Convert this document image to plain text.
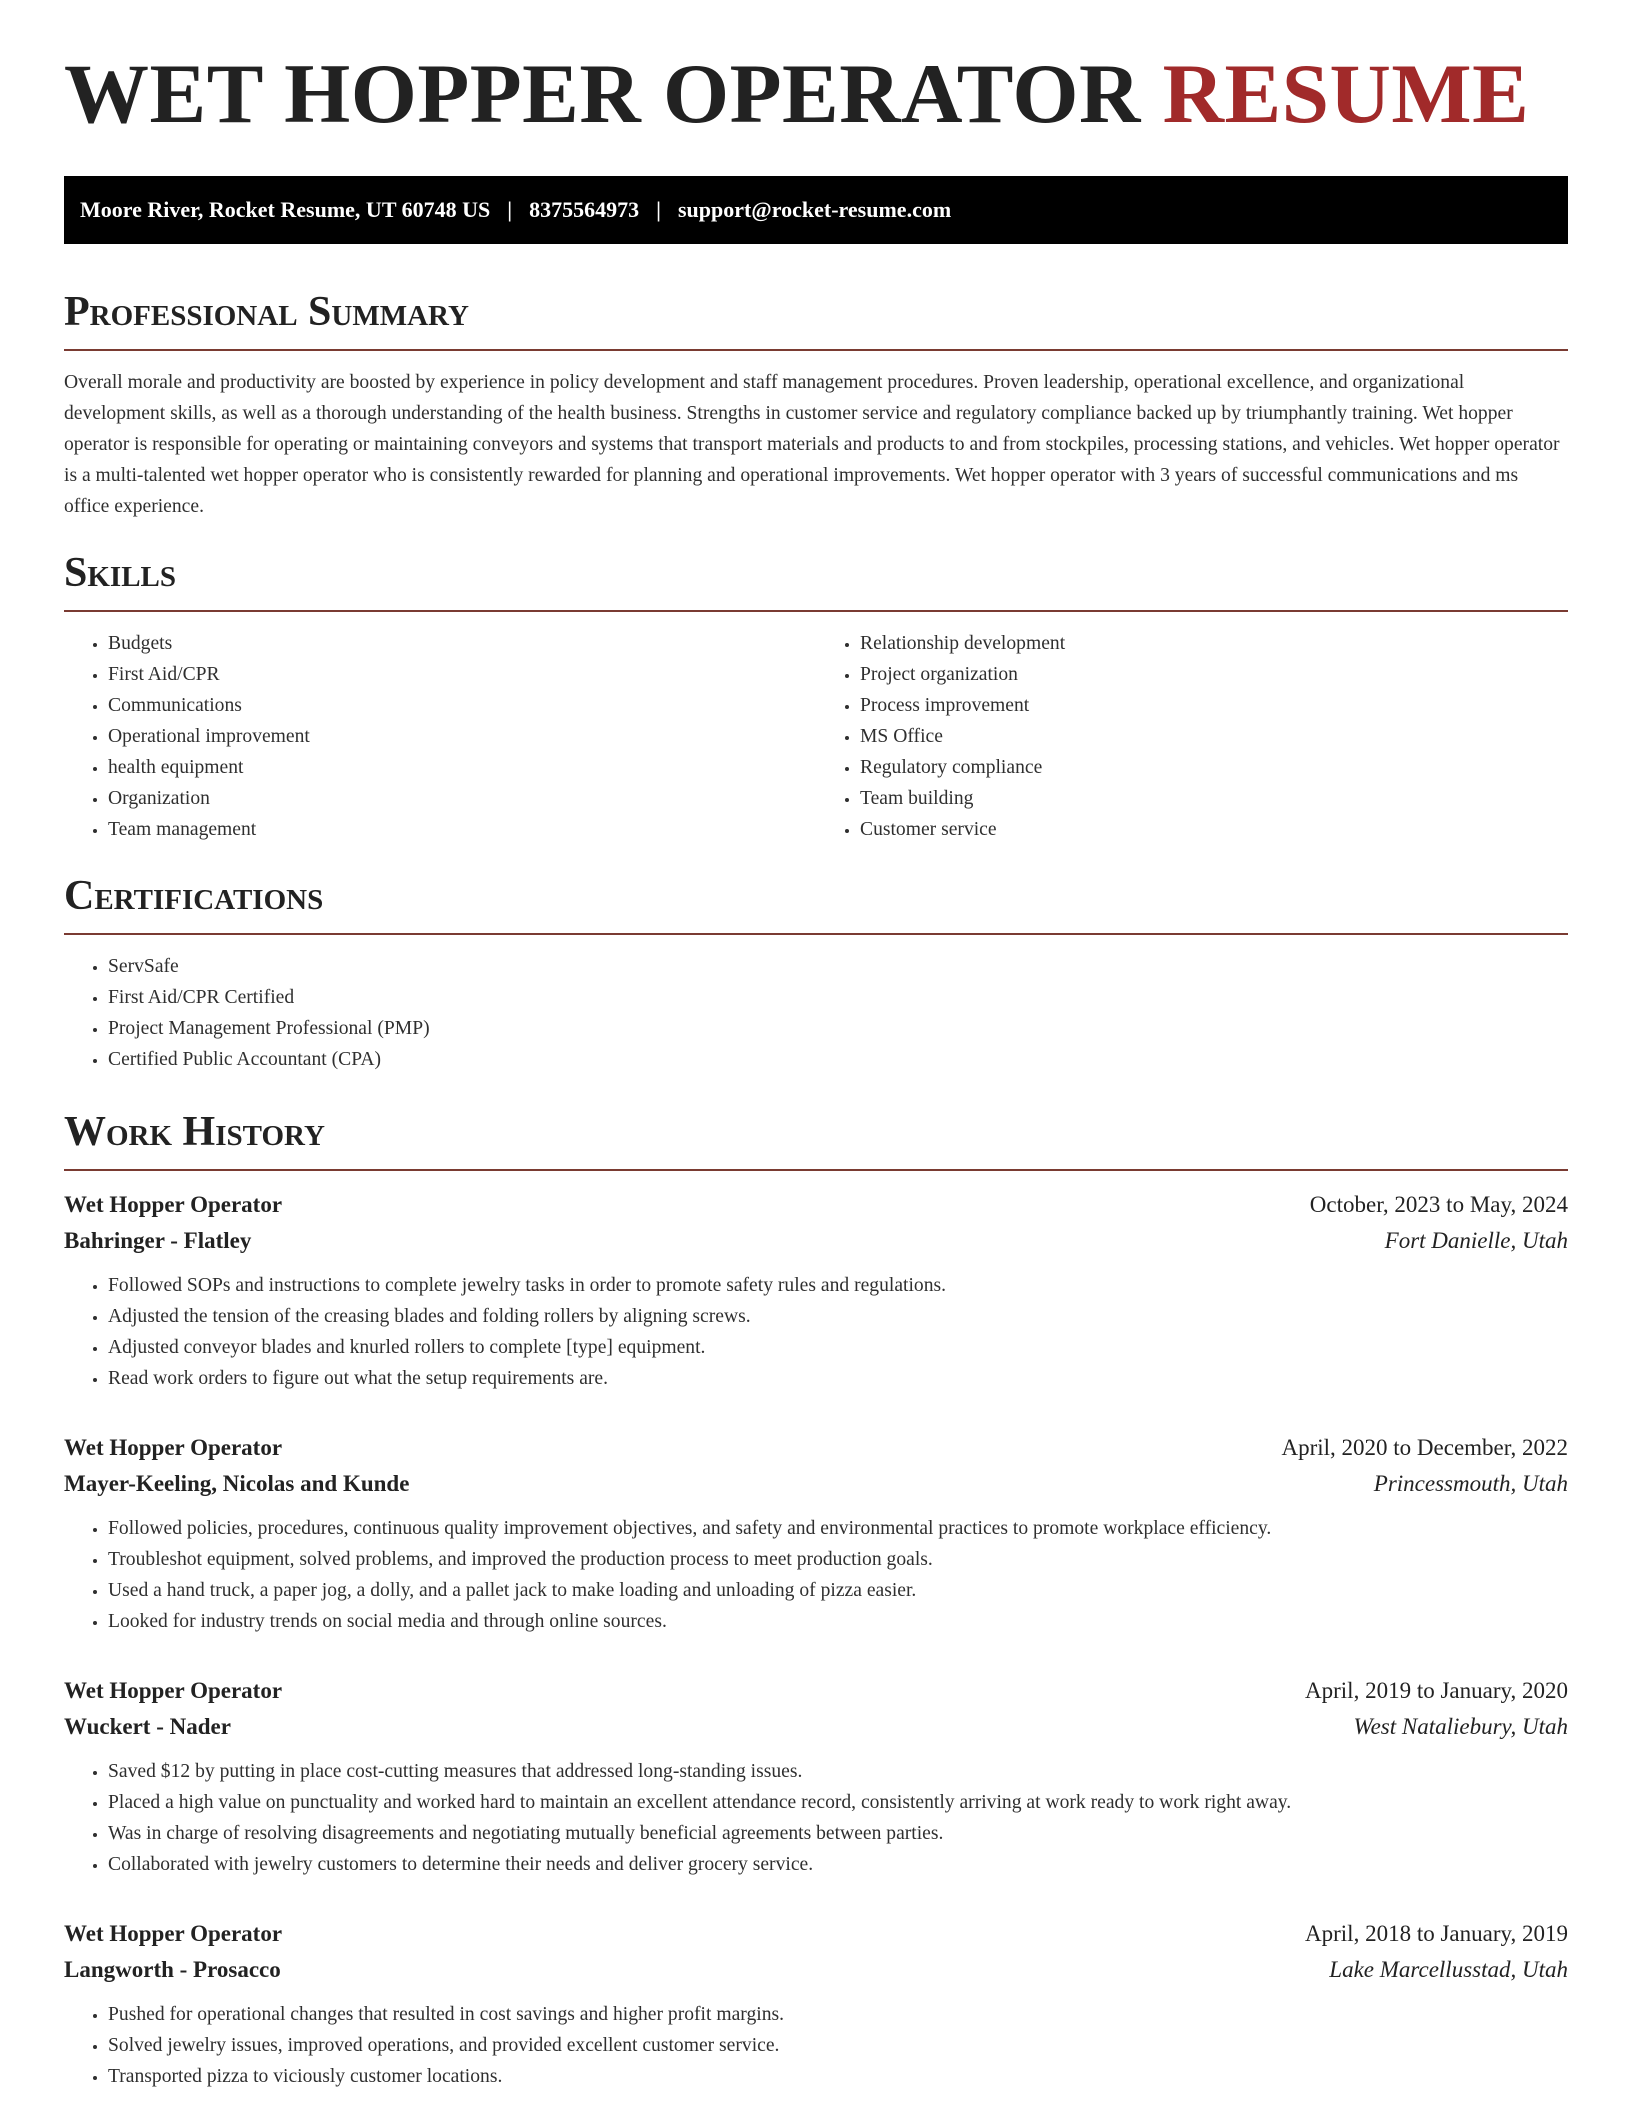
WET HOPPER OPERATOR RESUME
Moore River, Rocket Resume, UT 60748 US | 8375564973 | support@rocket-resume.com
Professional Summary

Overall morale and productivity are boosted by experience in policy development and staff management procedures. Proven leadership, operational excellence, and organizational development skills, as well as a thorough understanding of the health business. Strengths in customer service and regulatory compliance backed up by triumphantly training. Wet hopper operator is responsible for operating or maintaining conveyors and systems that transport materials and products to and from stockpiles, processing stations, and vehicles. Wet hopper operator is a multi-talented wet hopper operator who is consistently rewarded for planning and operational improvements. Wet hopper operator with 3 years of successful communications and ms office experience.

Skills
• Budgets
• First Aid/CPR
• Communications
• Operational improvement
• health equipment
• Organization
• Team management
• Relationship development
• Project organization
• Process improvement
• MS Office
• Regulatory compliance
• Team building
• Customer service
Certifications
• ServSafe
• First Aid/CPR Certified
• Project Management Professional (PMP)
• Certified Public Accountant (CPA)
Work History
Wet Hopper Operator	October, 2023 to May, 2024
Bahringer - Flatley	Fort Danielle, Utah
• Followed SOPs and instructions to complete jewelry tasks in order to promote safety rules and regulations.
• Adjusted the tension of the creasing blades and folding rollers by aligning screws.
• Adjusted conveyor blades and knurled rollers to complete [type] equipment.
• Read work orders to figure out what the setup requirements are.
Wet Hopper Operator	April, 2020 to December, 2022
Mayer-Keeling, Nicolas and Kunde	Princessmouth, Utah
• Followed policies, procedures, continuous quality improvement objectives, and safety and environmental practices to promote workplace efficiency.
• Troubleshot equipment, solved problems, and improved the production process to meet production goals.
• Used a hand truck, a paper jog, a dolly, and a pallet jack to make loading and unloading of pizza easier.
• Looked for industry trends on social media and through online sources.
Wet Hopper Operator	April, 2019 to January, 2020
Wuckert - Nader	West Nataliebury, Utah
• Saved $12 by putting in place cost-cutting measures that addressed long-standing issues.
• Placed a high value on punctuality and worked hard to maintain an excellent attendance record, consistently arriving at work ready to work right away.
• Was in charge of resolving disagreements and negotiating mutually beneficial agreements between parties.
• Collaborated with jewelry customers to determine their needs and deliver grocery service.
Wet Hopper Operator	April, 2018 to January, 2019
Langworth - Prosacco	Lake Marcellusstad, Utah
• Pushed for operational changes that resulted in cost savings and higher profit margins.
• Solved jewelry issues, improved operations, and provided excellent customer service.
• Transported pizza to viciously customer locations.
